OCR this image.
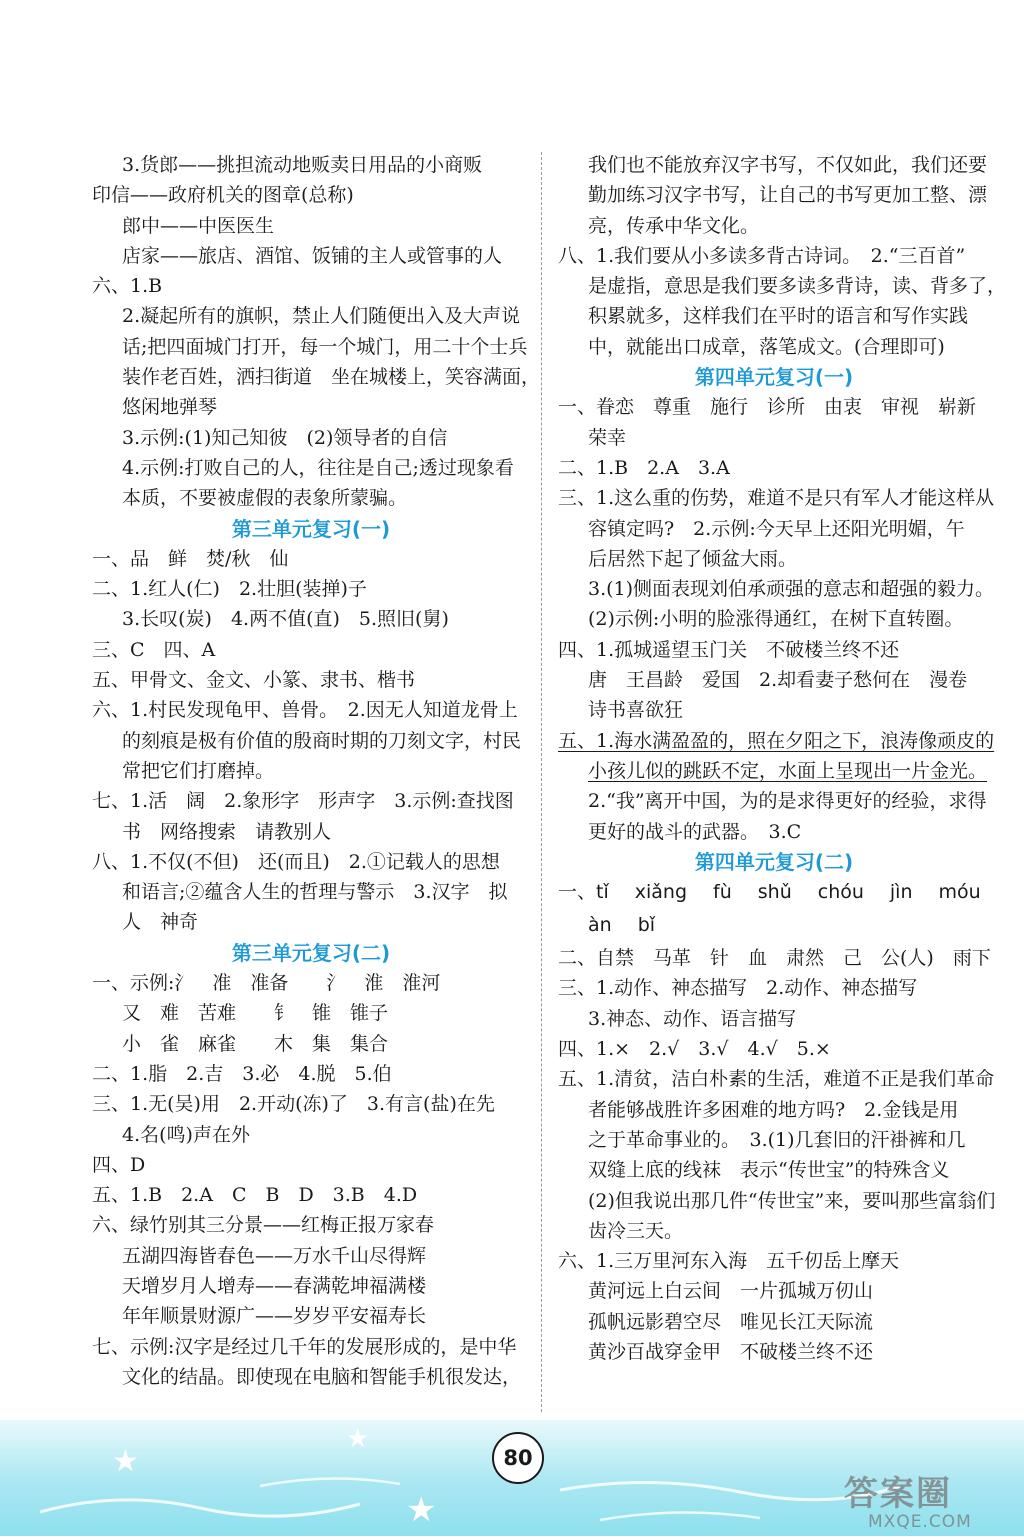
3.货郎——挑担流动地贩卖日用品的小商贩
印信——政府机关的图章(总称)
郎中——中医医生
店家——旅店、酒馆、饭铺的主人或管事的人
六、1.B
2.凝起所有的旗帜，禁止人们随便出入及大声说
话;把四面城门打开，每一个城门，用二十个士兵
装作老百姓，洒扫街道　坐在城楼上，笑容满面，
悠闲地弹琴
3.示例:(1)知己知彼　(2)领导者的自信
4.示例:打败自己的人，往往是自己;透过现象看
本质，不要被虚假的表象所蒙骗。
第三单元复习(一)
一、品　鲜　焚/秋　仙
二、1.红人(仁)　2.壮胆(装掸)子
3.长叹(炭)　4.两不值(直)　5.照旧(舅)
三、C　四、A
五、甲骨文、金文、小篆、隶书、楷书
六、1.村民发现龟甲、兽骨。　2.因无人知道龙骨上
的刻痕是极有价值的殷商时期的刀刻文字，村民
常把它们打磨掉。
七、1.活　阔　2.象形字　形声字　3.示例:查找图
书　网络搜索　请教别人
八、1.不仅(不但)　还(而且)　2.①记载人的思想
和语言;②蕴含人生的哲理与警示　3.汉字　拟
人　神奇
第三单元复习(二)
一、示例:氵　准　准备　　氵　淮　淮河
又　难　苦难　　钅　锥　锥子
小　雀　麻雀　　木　集　集合
二、1.脂　2.吉　3.必　4.脱　5.伯
三、1.无(吴)用　2.开动(冻)了　3.有言(盐)在先
4.名(鸣)声在外
四、D
五、1.B　2.A　C　B　D　3.B　4.D
六、绿竹别其三分景——红梅正报万家春
五湖四海皆春色——万水千山尽得辉
天增岁月人增寿——春满乾坤福满楼
年年顺景财源广——岁岁平安福寿长
七、示例:汉字是经过几千年的发展形成的，是中华
文化的结晶。即使现在电脑和智能手机很发达，
我们也不能放弃汉字书写，不仅如此，我们还要
勤加练习汉字书写，让自己的书写更加工整、漂
亮，传承中华文化。
八、1.我们要从小多读多背古诗词。　2.“三百首”
是虚指，意思是我们要多读多背诗，读、背多了，
积累就多，这样我们在平时的语言和写作实践
中，就能出口成章，落笔成文。(合理即可)
第四单元复习(一)
一、眷恋　尊重　施行　诊所　由衷　审视　崭新
荣幸
二、1.B　2.A　3.A
三、1.这么重的伤势，难道不是只有军人才能这样从
容镇定吗?　2.示例:今天早上还阳光明媚，午
后居然下起了倾盆大雨。
3.(1)侧面表现刘伯承顽强的意志和超强的毅力。
(2)示例:小明的脸涨得通红，在树下直转圈。
四、1.孤城遥望玉门关　不破楼兰终不还
唐　王昌龄　爱国　2.却看妻子愁何在　漫卷
诗书喜欲狂
五、1.海水满盈盈的，照在夕阳之下，浪涛像顽皮的
小孩儿似的跳跃不定，水面上呈现出一片金光。
2.“我”离开中国，为的是求得更好的经验，求得
更好的战斗的武器。　3.C
第四单元复习(二)
一、tǐ xiǎng fù shǔ chóu jìn móu
àn bǐ
二、自禁　马革　针　血　肃然　己　公(人)　雨下
三、1.动作、神态描写　2.动作、神态描写
3.神态、动作、语言描写
四、1.×　2.√　3.√　4.√　5.×
五、1.清贫，洁白朴素的生活，难道不正是我们革命
者能够战胜许多困难的地方吗?　2.金钱是用
之于革命事业的。　3.(1)几套旧的汗褂裤和几
双缝上底的线袜　表示“传世宝”的特殊含义
(2)但我说出那几件“传世宝”来，要叫那些富翁们
齿冷三天。
六、1.三万里河东入海　五千仞岳上摩天
黄河远上白云间　一片孤城万仞山
孤帆远影碧空尽　唯见长江天际流
黄沙百战穿金甲　不破楼兰终不还
★
★
★
80
答案圈
MXQE.COM
